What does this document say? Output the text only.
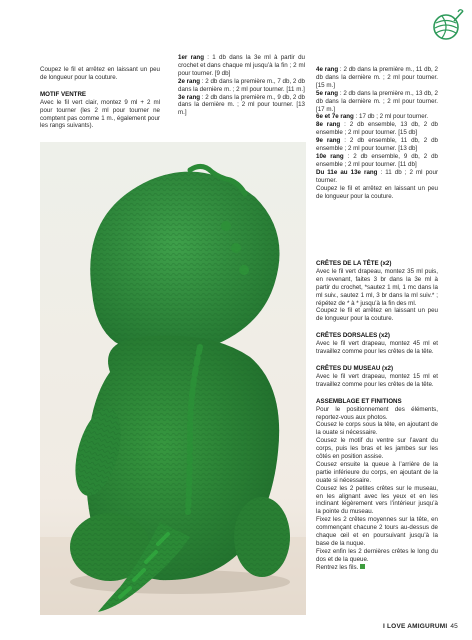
Coupez le fil et arrêtez en laissant un peu de longueur pour la couture.
MOTIF VENTRE
Avec le fil vert clair, montez 9 ml + 2 ml pour tourner (les 2 ml pour tourner ne comptent pas comme 1 m., également pour les rangs suivants).
1er rang : 1 db dans la 3e ml à partir du crochet et dans chaque ml jusqu’à la fin ; 2 ml pour tourner. [9 db]
2e rang : 2 db dans la première m., 7 db, 2 db dans la dernière m. ; 2 ml pour tourner. [11 m.]
3e rang : 2 db dans la première m., 9 db, 2 db dans la dernière m. ; 2 ml pour tourner. [13 m.]
4e rang : 2 db dans la première m., 11 db, 2 db dans la dernière m. ; 2 ml pour tourner. [15 m.]
5e rang : 2 db dans la première m., 13 db, 2 db dans la dernière m. ; 2 ml pour tourner. [17 m.]
6e et 7e rang : 17 db ; 2 ml pour tourner.
8e rang : 2 db ensemble, 13 db, 2 db ensemble ; 2 ml pour tourner. [15 db]
9e rang : 2 db ensemble, 11 db, 2 db ensemble ; 2 ml pour tourner. [13 db]
10e rang : 2 db ensemble, 9 db, 2 db ensemble ; 2 ml pour tourner. [11 db]
Du 11e au 13e rang : 11 db ; 2 ml pour tourner.
Coupez le fil et arrêtez en laissant un peu de longueur pour la couture.
CRÊTES DE LA TÊTE (x2)
Avec le fil vert drapeau, montez 35 ml puis, en revenant, faites 3 br dans la 3e ml à partir du crochet, *sautez 1 ml, 1 mc dans la ml suiv., sautez 1 ml, 3 br dans la ml suiv.* ; répétez de * à * jusqu’à la fin des ml.
Coupez le fil et arrêtez en laissant un peu de longueur pour la couture.
CRÊTES DORSALES (x2)
Avec le fil vert drapeau, montez 45 ml et travaillez comme pour les crêtes de la tête.
CRÊTES DU MUSEAU (x2)
Avec le fil vert drapeau, montez 15 ml et travaillez comme pour les crêtes de la tête.
ASSEMBLAGE ET FINITIONS
Pour le positionnement des éléments, reportez-vous aux photos.
Cousez le corps sous la tête, en ajoutant de la ouate si nécessaire.
Cousez le motif du ventre sur l’avant du corps, puis les bras et les jambes sur les côtés en position assise.
Cousez ensuite la queue à l’arrière de la partie inférieure du corps, en ajoutant de la ouate si nécessaire.
Cousez les 2 petites crêtes sur le museau, en les alignant avec les yeux et en les inclinant légèrement vers l’intérieur jusqu’à la pointe du museau.
Fixez les 2 crêtes moyennes sur la tête, en commençant chacune 2 tours au-dessus de chaque œil et en poursuivant jusqu’à la base de la nuque.
Fixez enfin les 2 dernières crêtes le long du dos et de la queue.
Rentrez les fils.
I LOVE AMIGURUMI 45
